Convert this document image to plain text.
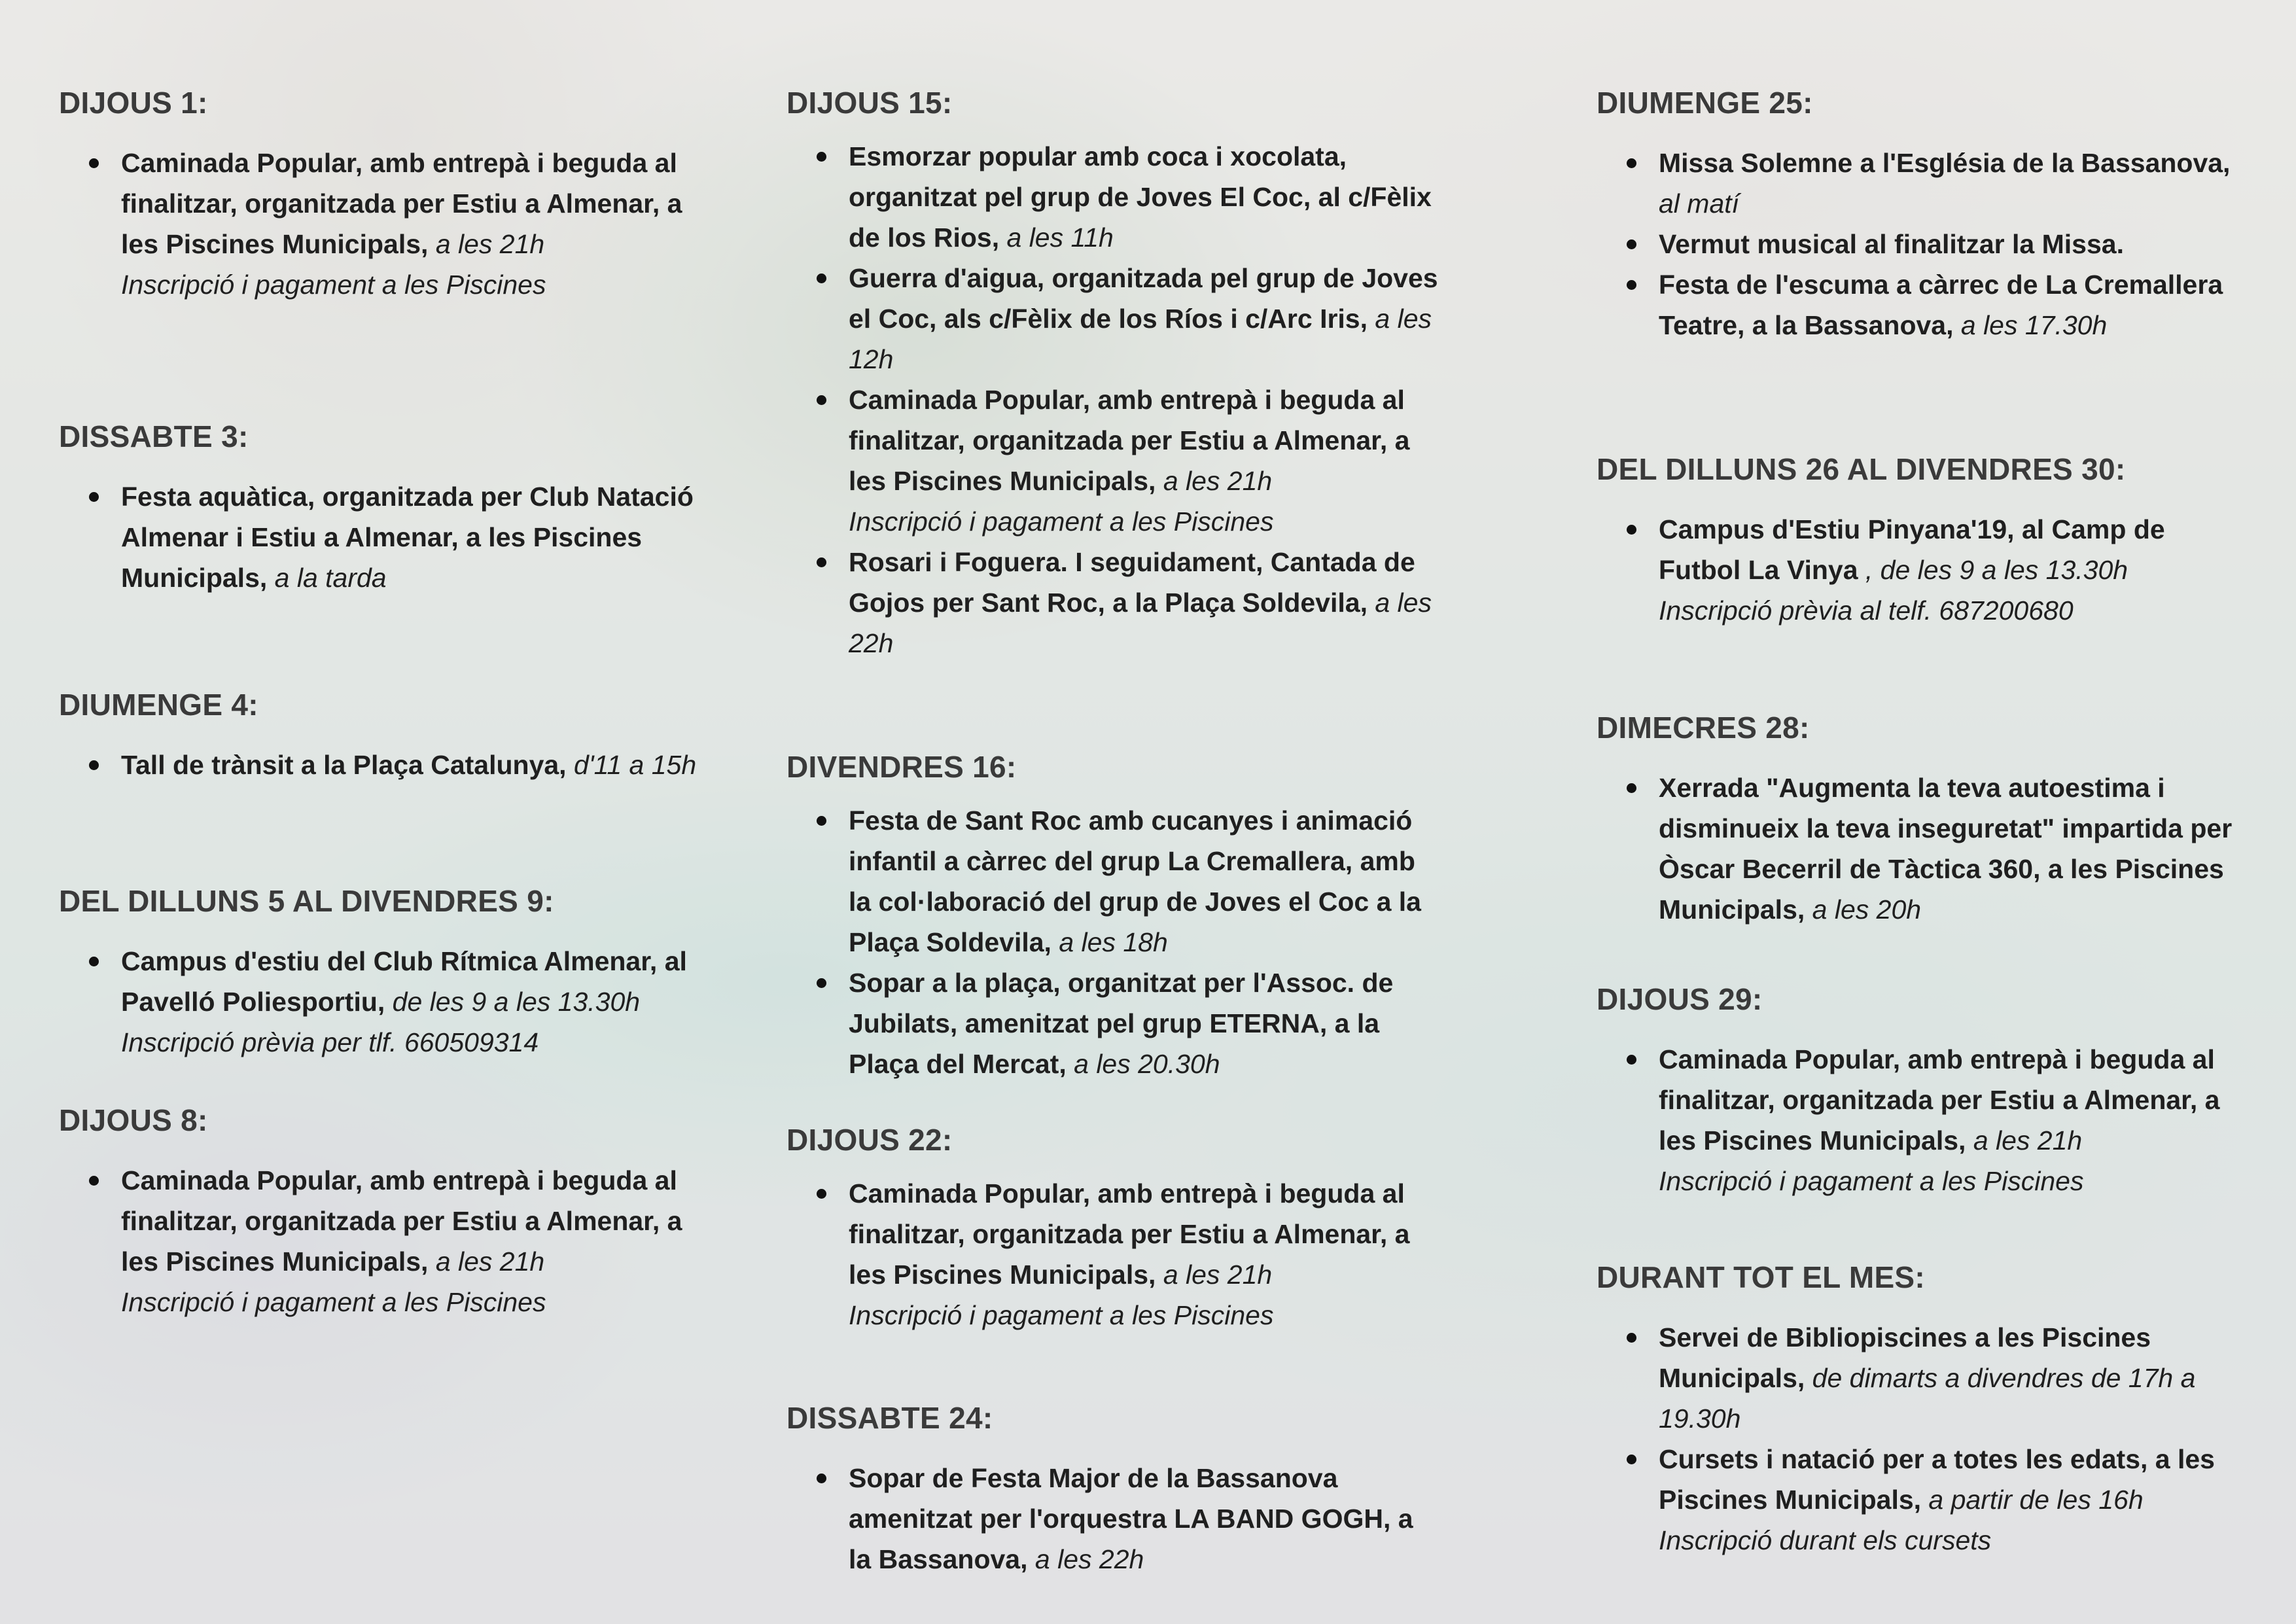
DIJOUS 1:
Caminada Popular, amb entrepà i beguda al finalitzar, organitzada per Estiu a Almenar, a les Piscines Municipals, a les 21h
Inscripció i pagament a les Piscines
DISSABTE 3:
Festa aquàtica, organitzada per Club Natació Almenar i Estiu a Almenar, a les Piscines Municipals, a la tarda
DIUMENGE 4:
Tall de trànsit a la Plaça Catalunya, d'11 a 15h
DEL DILLUNS 5 AL DIVENDRES 9:
Campus d'estiu del Club Rítmica Almenar, al Pavelló Poliesportiu, de les 9 a les 13.30h
Inscripció prèvia per tlf. 660509314
DIJOUS 8:
Caminada Popular, amb entrepà i beguda al finalitzar, organitzada per Estiu a Almenar, a les Piscines Municipals, a les 21h
Inscripció i pagament a les Piscines
DIJOUS 15:
Esmorzar popular amb coca i xocolata, organitzat pel grup de Joves El Coc, al c/Fèlix de los Rios, a les 11h
Guerra d'aigua, organitzada pel grup de Joves el Coc, als c/Fèlix de los Ríos i c/Arc Iris, a les 12h
Caminada Popular, amb entrepà i beguda al finalitzar, organitzada per Estiu a Almenar, a les Piscines Municipals, a les 21h
Inscripció i pagament a les Piscines
Rosari i Foguera. I seguidament, Cantada de Gojos per Sant Roc, a la Plaça Soldevila, a les 22h
DIVENDRES 16:
Festa de Sant Roc amb cucanyes i animació infantil a càrrec del grup La Cremallera, amb la col·laboració del grup de Joves el Coc a la Plaça Soldevila, a les 18h
Sopar a la plaça, organitzat per l'Assoc. de Jubilats, amenitzat pel grup ETERNA, a la Plaça del Mercat, a les 20.30h
DIJOUS 22:
Caminada Popular, amb entrepà i beguda al finalitzar, organitzada per Estiu a Almenar, a les Piscines Municipals, a les 21h
Inscripció i pagament a les Piscines
DISSABTE 24:
Sopar de Festa Major de la Bassanova amenitzat per l'orquestra LA BAND GOGH, a la Bassanova, a les 22h
DIUMENGE 25:
Missa Solemne a l'Església de la Bassanova, al matí
Vermut musical al finalitzar la Missa.
Festa de l'escuma a càrrec de La Cremallera Teatre, a la Bassanova, a les 17.30h
DEL DILLUNS 26 AL DIVENDRES 30:
Campus d'Estiu Pinyana'19, al Camp de Futbol La Vinya , de les 9 a les 13.30h
Inscripció prèvia al telf. 687200680
DIMECRES 28:
Xerrada "Augmenta la teva autoestima i disminueix la teva inseguretat" impartida per Òscar Becerril de Tàctica 360, a les Piscines Municipals, a les 20h
DIJOUS 29:
Caminada Popular, amb entrepà i beguda al finalitzar, organitzada per Estiu a Almenar, a les Piscines Municipals, a les 21h
Inscripció i pagament a les Piscines
DURANT TOT EL MES:
Servei de Bibliopiscines a les Piscines Municipals, de dimarts a divendres de 17h a 19.30h
Cursets i natació per a totes les edats, a les Piscines Municipals, a partir de les 16h
Inscripció durant els cursets
